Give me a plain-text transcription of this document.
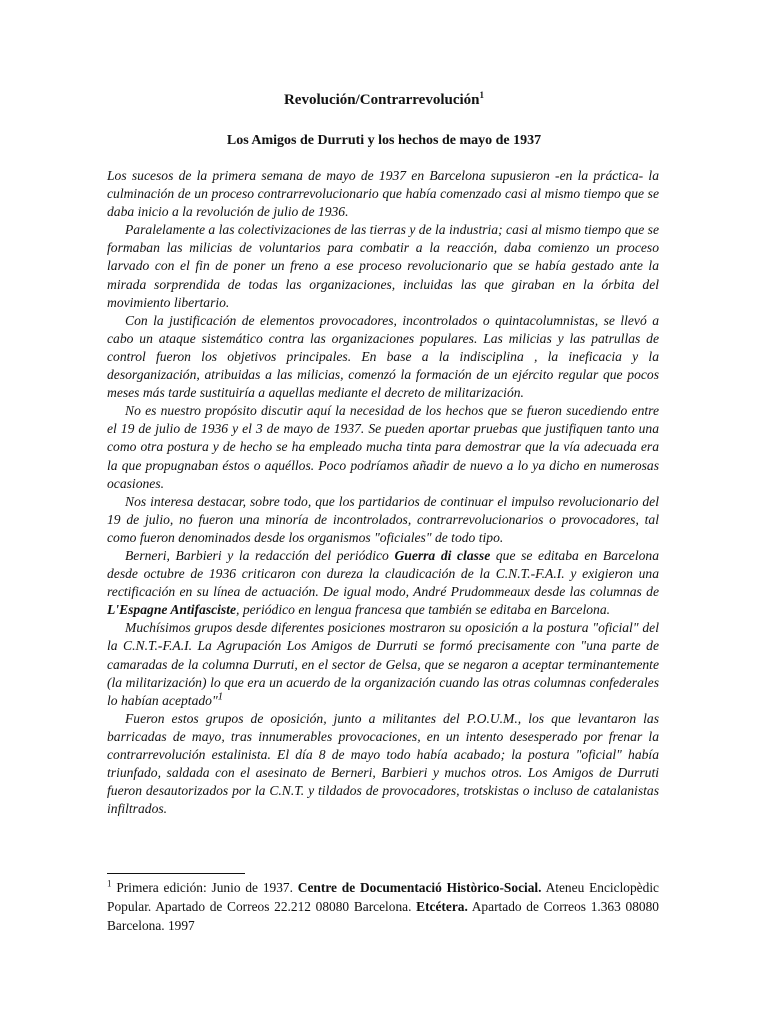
Revolución/Contrarrevolución$^1$
Los Amigos de Durruti y los hechos de mayo de 1937

Los sucesos de la primera semana de mayo de 1937 en Barcelona supusieron -en la práctica- la culminación de un proceso contrarrevolucionario que había comenzado casi al mismo tiempo que se daba inicio a la revolución de julio de 1936.

Paralelamente a las colectivizaciones de las tierras y de la industria; casi al mismo tiempo que se formaban las milicias de voluntarios para combatir a la reacción, daba comienzo un proceso larvado con el fin de poner un freno a ese proceso revolucionario que se había gestado ante la mirada sorprendida de todas las organizaciones, incluidas las que giraban en la órbita del movimiento libertario.

Con la justificación de elementos provocadores, incontrolados o quintacolumnistas, se llevó a cabo un ataque sistemático contra las organizaciones populares. Las milicias y las patrullas de control fueron los objetivos principales. En base a la indisciplina , la ineficacia y la desorganización, atribuidas a las milicias, comenzó la formación de un ejército regular que pocos meses más tarde sustituiría a aquellas mediante el decreto de militarización.

No es nuestro propósito discutir aquí la necesidad de los hechos que se fueron sucediendo entre el 19 de julio de 1936 y el 3 de mayo de 1937. Se pueden aportar pruebas que justifiquen tanto una como otra postura y de hecho se ha empleado mucha tinta para demostrar que la vía adecuada era la que propugnaban éstos o aquéllos. Poco podríamos añadir de nuevo a lo ya dicho en numerosas ocasiones.

Nos interesa destacar, sobre todo, que los partidarios de continuar el impulso revolucionario del 19 de julio, no fueron una minoría de incontrolados, contrarrevolucionarios o provocadores, tal como fueron denominados desde los organismos "oficiales" de todo tipo.

Berneri, Barbieri y la redacción del periódico Guerra di classe que se editaba en Barcelona desde octubre de 1936 criticaron con dureza la claudicación de la C.N.T.-F.A.I. y exigieron una rectificación en su línea de actuación. De igual modo, André Prudommeaux desde las columnas de L'Espagne Antifasciste, periódico en lengua francesa que también se editaba en Barcelona.

Muchísimos grupos desde diferentes posiciones mostraron su oposición a la postura "oficial" del la C.N.T.-F.A.I. La Agrupación Los Amigos de Durruti se formó precisamente con "una parte de camaradas de la columna Durruti, en el sector de Gelsa, que se negaron a aceptar terminantemente (la militarización) lo que era un acuerdo de la organización cuando las otras columnas confederales lo habían aceptado"$^1$

Fueron estos grupos de oposición, junto a militantes del P.O.U.M., los que levantaron las barricadas de mayo, tras innumerables provocaciones, en un intento desesperado por frenar la contrarrevolución estalinista. El día 8 de mayo todo había acabado; la postura "oficial" había triunfado, saldada con el asesinato de Berneri, Barbieri y muchos otros. Los Amigos de Durruti fueron desautorizados por la C.N.T. y tildados de provocadores, trotskistas o incluso de catalanistas infiltrados.

$^1$ Primera edición: Junio de 1937. Centre de Documentació Històrico-Social. Ateneu Enciclopèdic Popular. Apartado de Correos 22.212 08080 Barcelona. Etcétera. Apartado de Correos 1.363 08080 Barcelona. 1997
